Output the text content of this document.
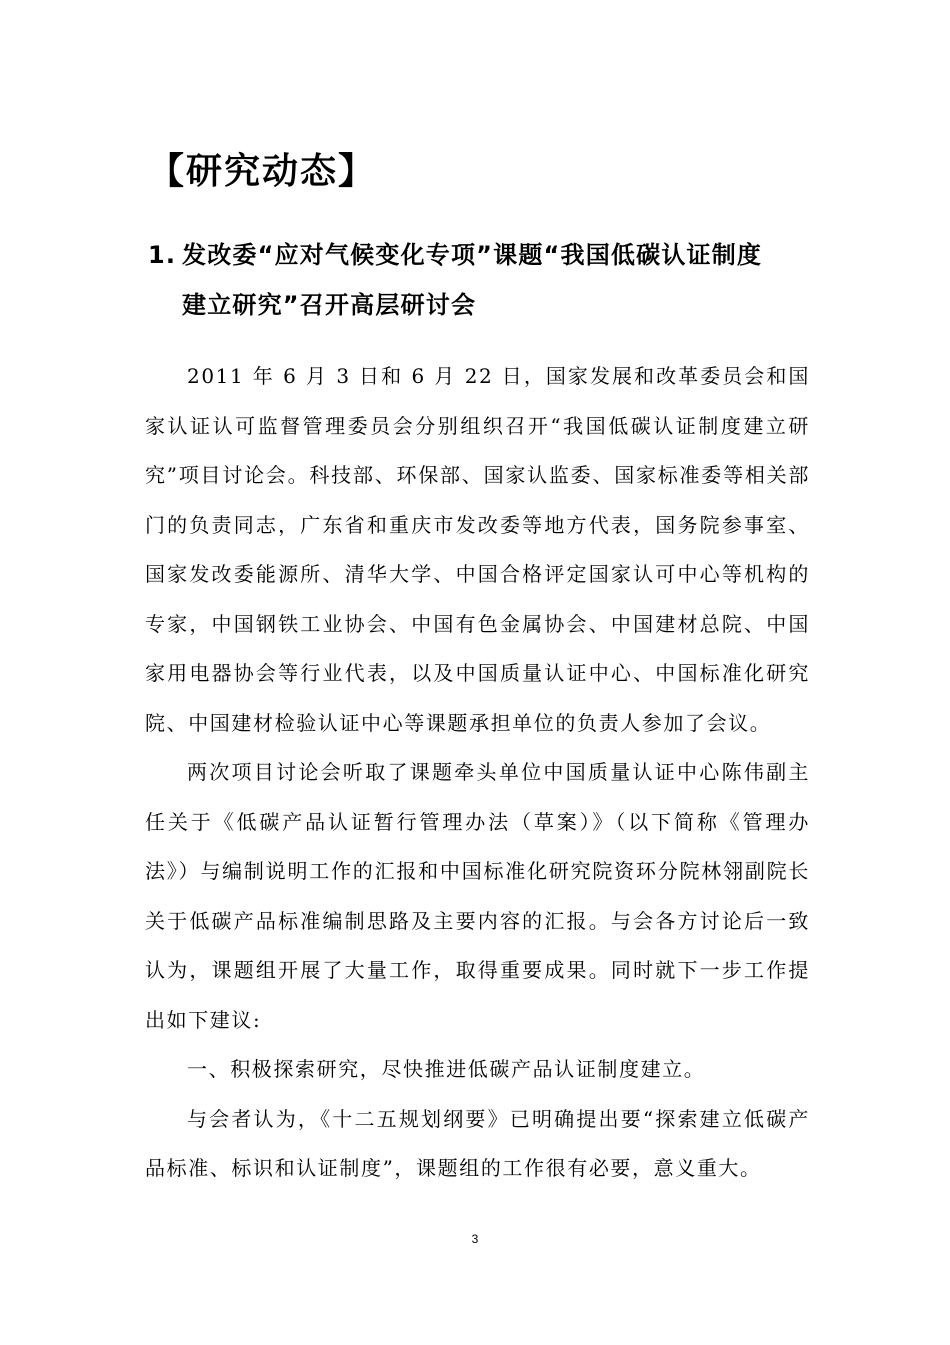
【研究动态】
1. 发改委“应对气候变化专项”课题“我国低碳认证制度
建立研究”召开高层研讨会

2011 年 6 月 3 日和 6 月 22 日，国家发展和改革委员会和国家认证认可监督管理委员会分别组织召开“我国低碳认证制度建立研究”项目讨论会。科技部、环保部、国家认监委、国家标准委等相关部门的负责同志，广东省和重庆市发改委等地方代表，国务院参事室、国家发改委能源所、清华大学、中国合格评定国家认可中心等机构的专家，中国钢铁工业协会、中国有色金属协会、中国建材总院、中国家用电器协会等行业代表，以及中国质量认证中心、中国标准化研究院、中国建材检验认证中心等课题承担单位的负责人参加了会议。

两次项目讨论会听取了课题牵头单位中国质量认证中心陈伟副主任关于《低碳产品认证暂行管理办法（草案）》（以下简称《管理办法》）与编制说明工作的汇报和中国标准化研究院资环分院林翎副院长关于低碳产品标准编制思路及主要内容的汇报。与会各方讨论后一致认为，课题组开展了大量工作，取得重要成果。同时就下一步工作提出如下建议:

一、积极探索研究，尽快推进低碳产品认证制度建立。

与会者认为，《十二五规划纲要》已明确提出要“探索建立低碳产品标准、标识和认证制度”，课题组的工作很有必要，意义重大。

3
